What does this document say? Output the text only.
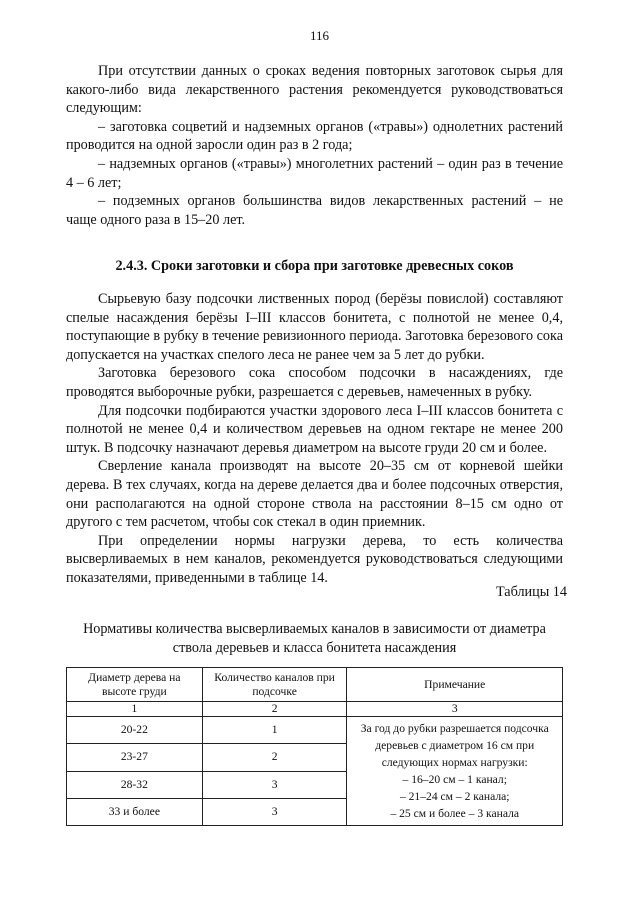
116

При отсутствии данных о сроках ведения повторных заготовок сырья для какого-либо вида лекарственного растения рекомендуется руководствоваться следующим:

– заготовка соцветий и надземных органов («травы») однолетних растений проводится на одной заросли один раз в 2 года;

– надземных органов («травы») многолетних растений – один раз в течение 4 – 6 лет;

– подземных органов большинства видов лекарственных растений – не чаще одного раза в 15–20 лет.

2.4.3. Сроки заготовки и сбора при заготовке древесных соков

Сырьевую базу подсочки лиственных пород (берёзы повислой) составляют спелые насаждения берёзы I–III классов бонитета, с полнотой не менее 0,4, поступающие в рубку в течение ревизионного периода. Заготовка березового сока допускается на участках спелого леса не ранее чем за 5 лет до рубки.

Заготовка березового сока способом подсочки в насаждениях, где проводятся выборочные рубки, разрешается с деревьев, намеченных в рубку.

Для подсочки подбираются участки здорового леса I–III классов бонитета с полнотой не менее 0,4 и количеством деревьев на одном гектаре не менее 200 штук. В подсочку назначают деревья диаметром на высоте груди 20 см и более.

Сверление канала производят на высоте 20–35 см от корневой шейки дерева. В тех случаях, когда на дереве делается два и более подсочных отверстия, они располагаются на одной стороне ствола на расстоянии 8–15 см одно от другого с тем расчетом, чтобы сок стекал в один приемник.

При определении нормы нагрузки дерева, то есть количества высверливаемых в нем каналов, рекомендуется руководствоваться следующими показателями, приведенными в таблице 14.

Таблицы 14
Нормативы количества высверливаемых каналов в зависимости от диаметра
ствола деревьев и класса бонитета насаждения
Диаметр дерева на высоте груди	Количество каналов при подсочке	Примечание
1	2	3
20-22	1	За год до рубки разрешается подсочка деревьев с диаметром 16 см при следующих нормах нагрузки:
– 16–20 см – 1 канал;
– 21–24 см – 2 канала;
– 25 см и более – 3 канала

23-27	2	
28-32	3	
33 и более	3	
